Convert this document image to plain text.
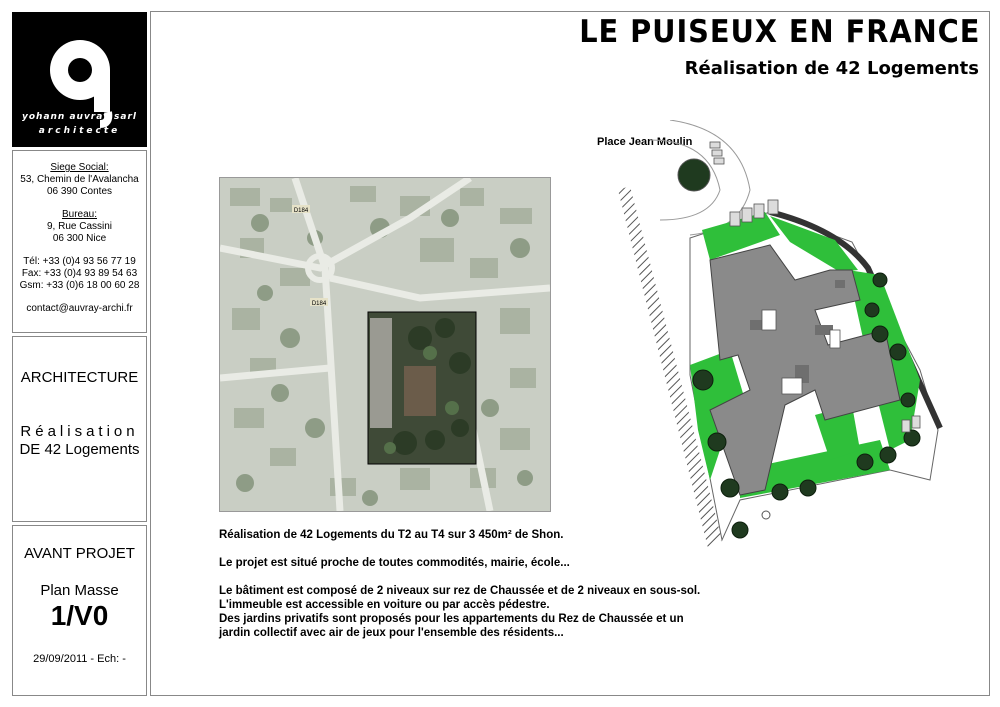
yohann auvray sarl
architecte
Siege Social:
53, Chemin de l'Avalancha
06 390 Contes
Bureau:
9, Rue Cassini
06 300 Nice
Tél: +33 (0)4 93 56 77 19
Fax: +33 (0)4 93 89 54 63
Gsm: +33 (0)6 18 00 60 28
contact@auvray-archi.fr
ARCHITECTURE
Réalisation
DE 42 Logements
AVANT PROJET
Plan Masse
1/V0
29/09/2011 - Ech: -
LE PUISEUX EN FRANCE
Réalisation de 42 Logements
D184
D184
Place Jean Moulin

Réalisation de 42 Logements du T2 au T4 sur 3 450m² de Shon.

Le projet est situé proche de toutes commodités, mairie, école...

Le bâtiment est composé de 2 niveaux sur rez de Chaussée et de 2 niveaux en sous-sol.

L'immeuble est accessible en voiture ou par accès pédestre.

Des jardins privatifs sont proposés pour les appartements du Rez de Chaussée et un

jardin collectif avec air de jeux pour l'ensemble des résidents...
